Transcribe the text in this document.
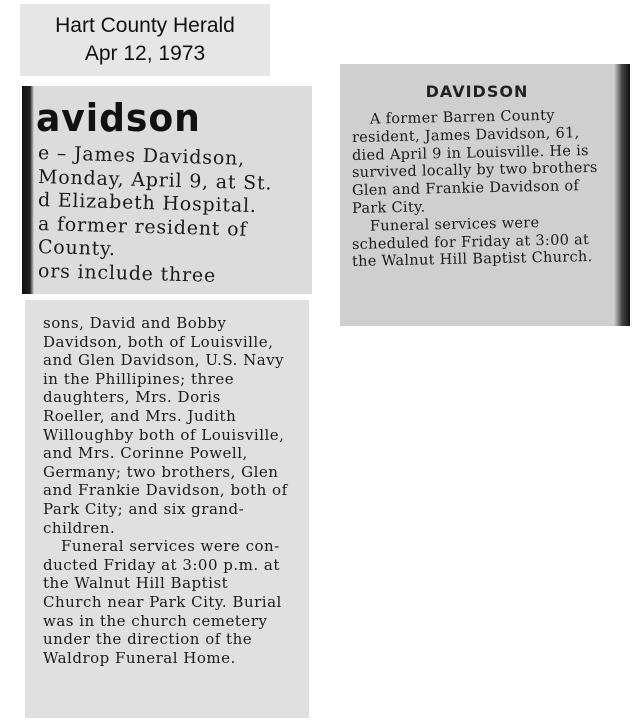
Hart County Herald
Apr 12, 1973
avidson
e – James Davidson,
Monday, April 9, at St.
d Elizabeth Hospital.
a former resident of
County.
ors include three
sons, David and Bobby
Davidson, both of Louisville,
and Glen Davidson, U.S. Navy
in the Phillipines; three
daughters, Mrs. Doris
Roeller, and Mrs. Judith
Willoughby both of Louisville,
and Mrs. Corinne Powell,
Germany; two brothers, Glen
and Frankie Davidson, both of
Park City; and six grand-
children.
Funeral services were con-
ducted Friday at 3:00 p.m. at
the Walnut Hill Baptist
Church near Park City. Burial
was in the church cemetery
under the direction of the
Waldrop Funeral Home.
DAVIDSON
A former Barren County
resident, James Davidson, 61,
died April 9 in Louisville. He is
survived locally by two brothers
Glen and Frankie Davidson of
Park City.
Funeral services were
scheduled for Friday at 3:00 at
the Walnut Hill Baptist Church.
